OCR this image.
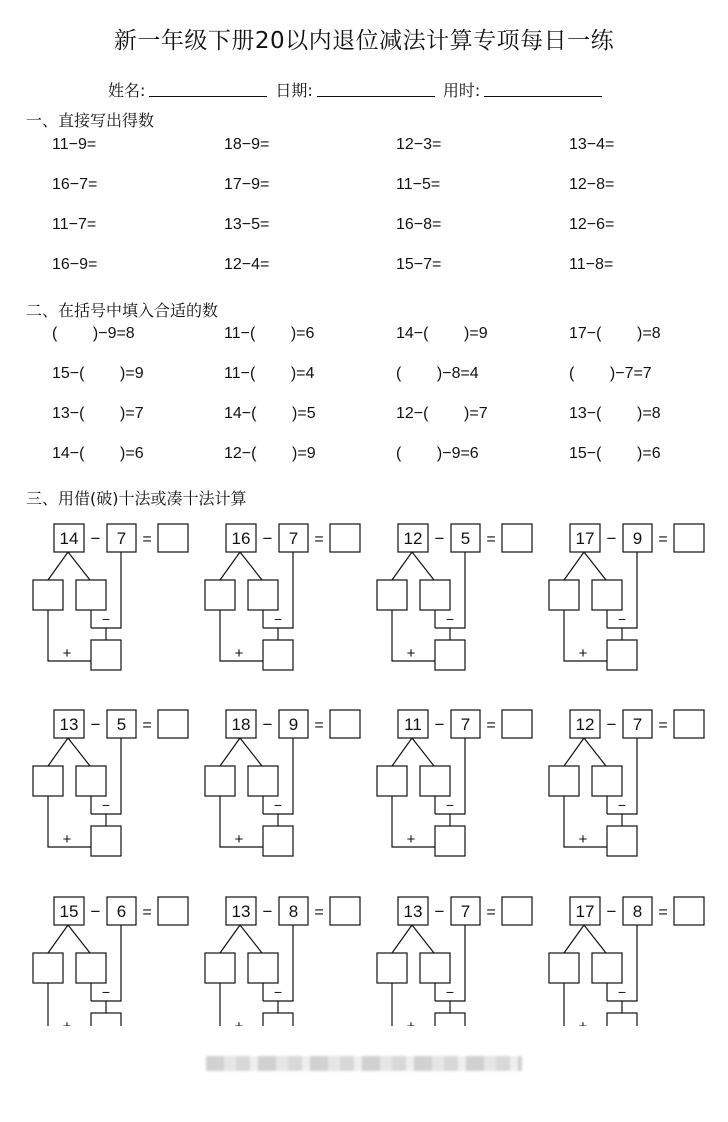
新一年级下册20以内退位减法计算专项每日一练
姓名:	日期:	用时:
一、直接写出得数
二、在括号中填入合适的数
三、用借(破)十法或凑十法计算
11−9=	18−9=	12−3=	13−4=
16−7=	17−9=	11−5=	12−8=
11−7=	13−5=	16−8=	12−6=
16−9=	12−4=	15−7=	11−8=
(        )−9=8	11−(        )=6	14−(        )=9	17−(        )=8
15−(        )=9	11−(        )=4	(        )−8=4	(        )−7=7
13−(        )=7	14−(        )=5	12−(        )=7	13−(        )=8
14−(        )=6	12−(        )=9	(        )−9=6	15−(        )=6
14 7
−	=
−
+
16 7
−	=
−
+
12 5
−	=
−
+
17 9
−	=
−
+
13 5
−	=
−
+
18 9
−	=
−
+
11 7
−	=
−
+
12 7
−	=
−
+
15 6
−	=
−
13 8
−	=
−
13 7
−	=
−
17 8
−	=
−
